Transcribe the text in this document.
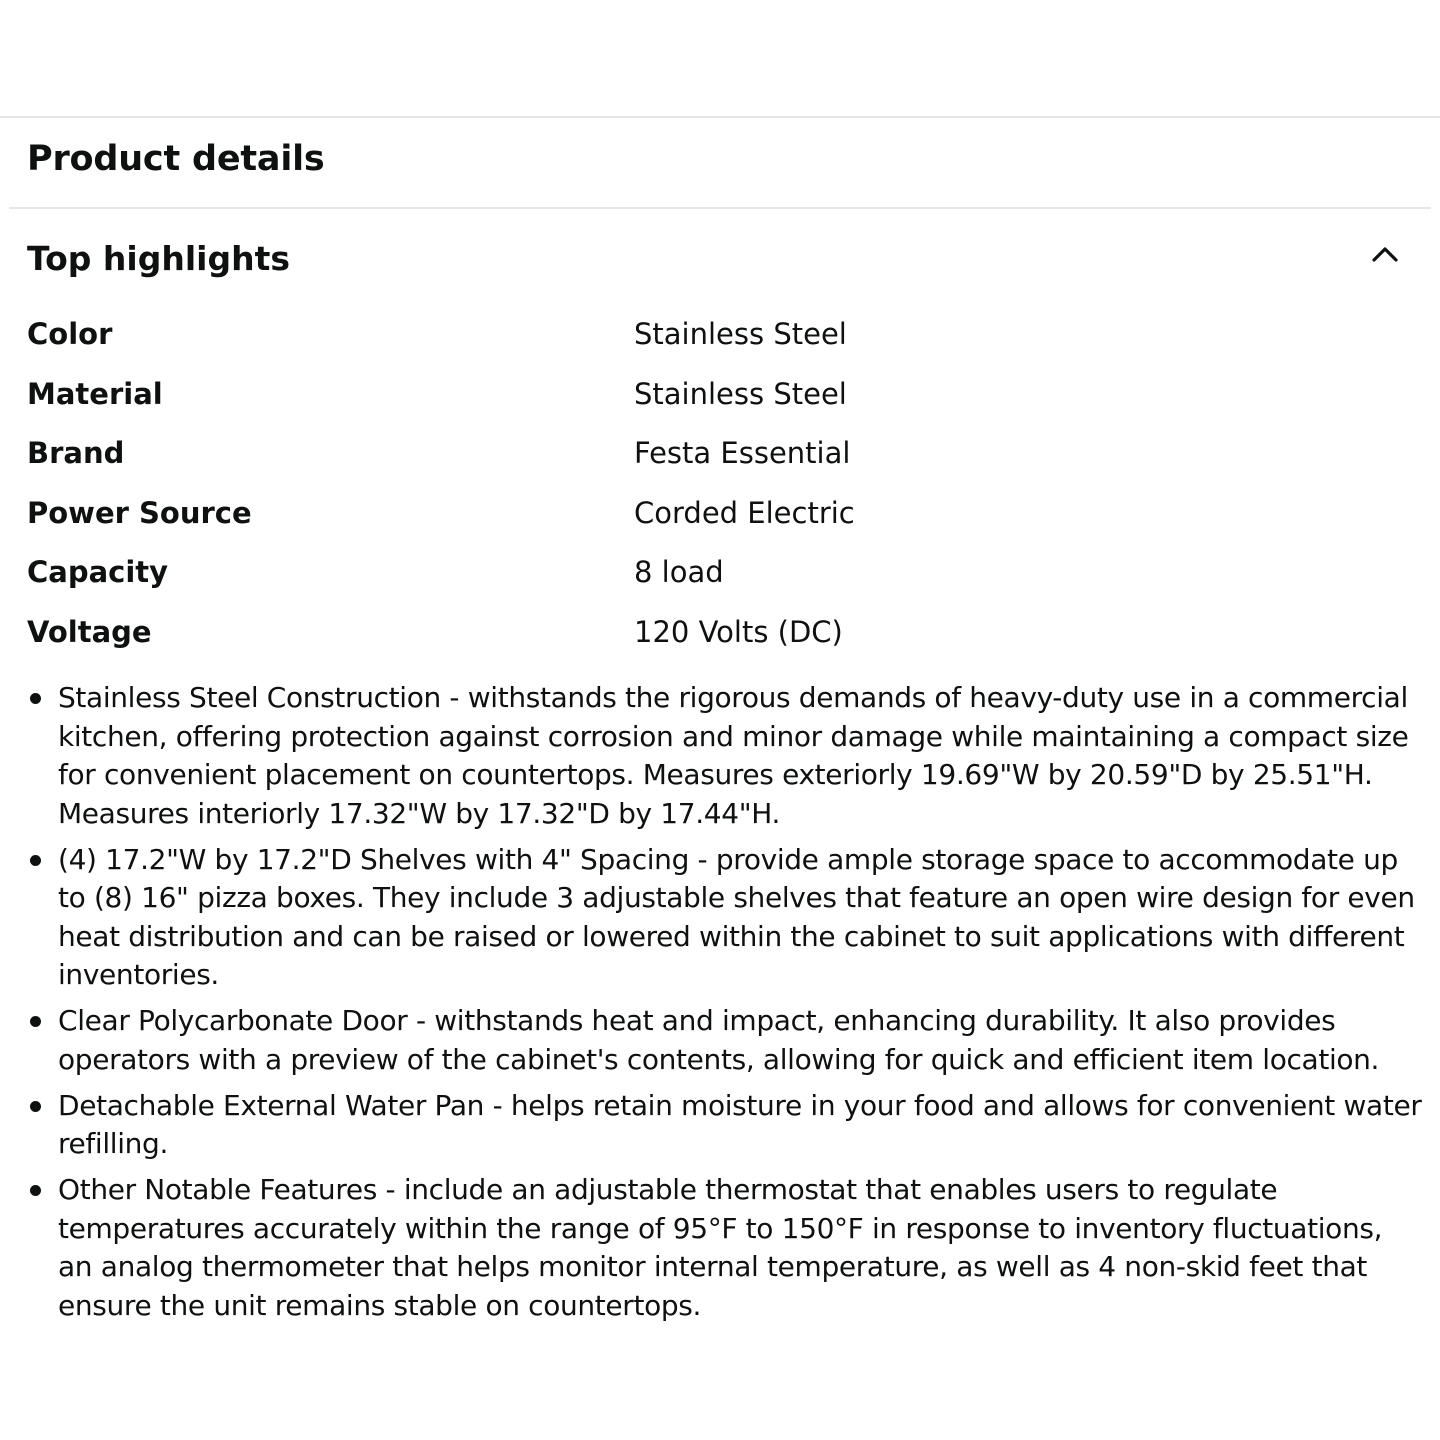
Product details
Top highlights
Color	Stainless Steel
Material	Stainless Steel
Brand	Festa Essential
Power Source	Corded Electric
Capacity	8 load
Voltage	120 Volts (DC)
Stainless Steel Construction - withstands the rigorous demands of heavy-duty use in a commercial kitchen, offering protection against corrosion and minor damage while maintaining a compact size for convenient placement on countertops. Measures exteriorly 19.69"W by 20.59"D by 25.51"H. Measures interiorly 17.32"W by 17.32"D by 17.44"H.
(4) 17.2"W by 17.2"D Shelves with 4" Spacing - provide ample storage space to accommodate up to (8) 16" pizza boxes. They include 3 adjustable shelves that feature an open wire design for even heat distribution and can be raised or lowered within the cabinet to suit applications with different inventories.
Clear Polycarbonate Door - withstands heat and impact, enhancing durability. It also provides operators with a preview of the cabinet's contents, allowing for quick and efficient item location.
Detachable External Water Pan - helps retain moisture in your food and allows for convenient water refilling.
Other Notable Features - include an adjustable thermostat that enables users to regulate temperatures accurately within the range of 95°F to 150°F in response to inventory fluctuations, an analog thermometer that helps monitor internal temperature, as well as 4 non-skid feet that ensure the unit remains stable on countertops.
